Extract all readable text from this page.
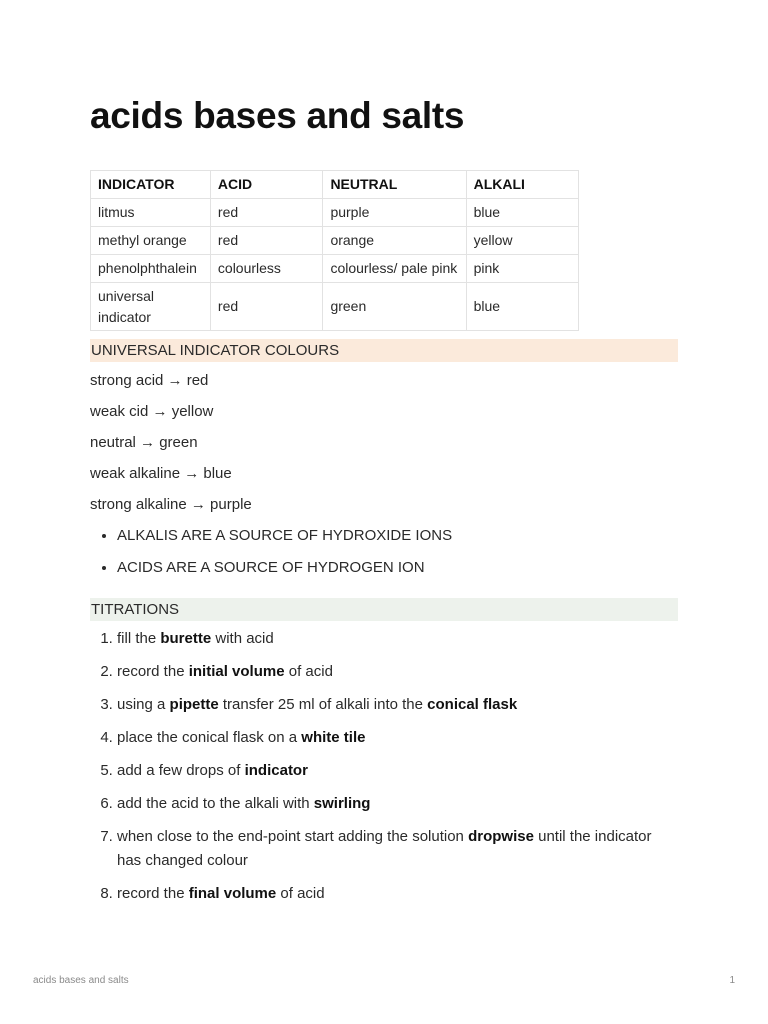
acids bases and salts
INDICATOR	ACID	NEUTRAL	ALKALI
litmus	red	purple	blue
methyl orange	red	orange	yellow
phenolphthalein	colourless	colourless/ pale pink	pink
universal indicator	red	green	blue
UNIVERSAL INDICATOR COLOURS
strong acid → red
weak cid → yellow
neutral → green
weak alkaline → blue
strong alkaline → purple
• ALKALIS ARE A SOURCE OF HYDROXIDE IONS
• ACIDS ARE A SOURCE OF HYDROGEN ION
TITRATIONS
1. fill the burette with acid
2. record the initial volume of acid
3. using a pipette transfer 25 ml of alkali into the conical flask
4. place the conical flask on a white tile
5. add a few drops of indicator
6. add the acid to the alkali with swirling
7. when close to the end-point start adding the solution dropwise until the indicator has changed colour
8. record the final volume of acid
acids bases and salts	1
